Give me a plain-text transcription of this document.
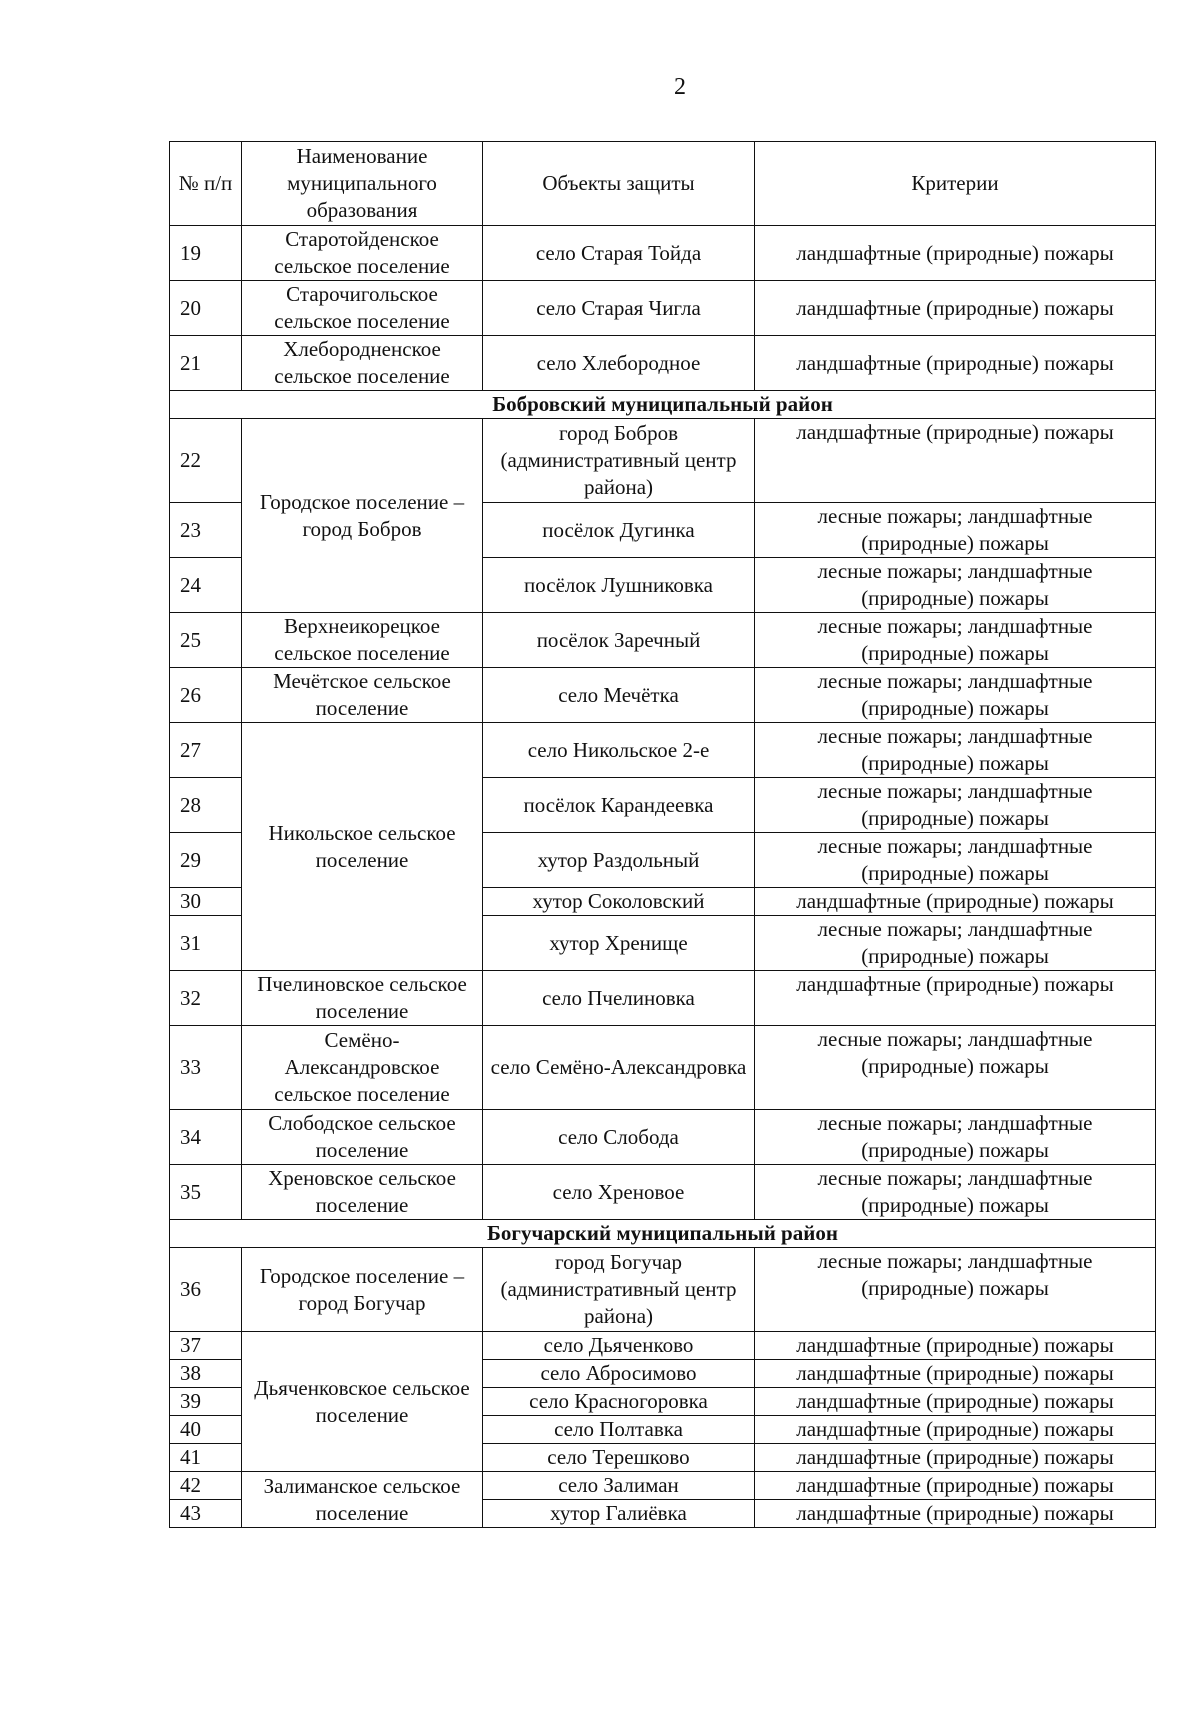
2
№ п/п	Наименование муниципального образования	Объекты защиты	Критерии
19	Старотойденское сельское поселение	село Старая Тойда	ландшафтные (природные) пожары
20	Старочигольское сельское поселение	село Старая Чигла	ландшафтные (природные) пожары
21	Хлебородненское сельское поселение	село Хлебородное	ландшафтные (природные) пожары
Бобровский муниципальный район			
22	Городское поселение – город Бобров	город Бобров (административный центр района)	ландшафтные (природные) пожары
23		посёлок Дугинка	лесные пожары; ландшафтные (природные) пожары
24		посёлок Лушниковка	лесные пожары; ландшафтные (природные) пожары
25	Верхнеикорецкое сельское поселение	посёлок Заречный	лесные пожары; ландшафтные (природные) пожары
26	Мечётское сельское поселение	село Мечётка	лесные пожары; ландшафтные (природные) пожары
27	Никольское сельское поселение	село Никольское 2-е	лесные пожары; ландшафтные (природные) пожары
28		посёлок Карандеевка	лесные пожары; ландшафтные (природные) пожары
29		хутор Раздольный	лесные пожары; ландшафтные (природные) пожары
30		хутор Соколовский	ландшафтные (природные) пожары
31		хутор Хренище	лесные пожары; ландшафтные (природные) пожары
32	Пчелиновское сельское поселение	село Пчелиновка	ландшафтные (природные) пожары
33	Семёно-Александровское сельское поселение	село Семёно-Александровка	лесные пожары; ландшафтные (природные) пожары
34	Слободское сельское поселение	село Слобода	лесные пожары; ландшафтные (природные) пожары
35	Хреновское сельское поселение	село Хреновое	лесные пожары; ландшафтные (природные) пожары
Богучарский муниципальный район			
36	Городское поселение – город Богучар	город Богучар (административный центр района)	лесные пожары; ландшафтные (природные) пожары
37	Дьяченковское сельское поселение	село Дьяченково	ландшафтные (природные) пожары
38		село Абросимово	ландшафтные (природные) пожары
39		село Красногоровка	ландшафтные (природные) пожары
40		село Полтавка	ландшафтные (природные) пожары
41		село Терешково	ландшафтные (природные) пожары
42	Залиманское сельское поселение	село Залиман	ландшафтные (природные) пожары
43		хутор Галиёвка	ландшафтные (природные) пожары
